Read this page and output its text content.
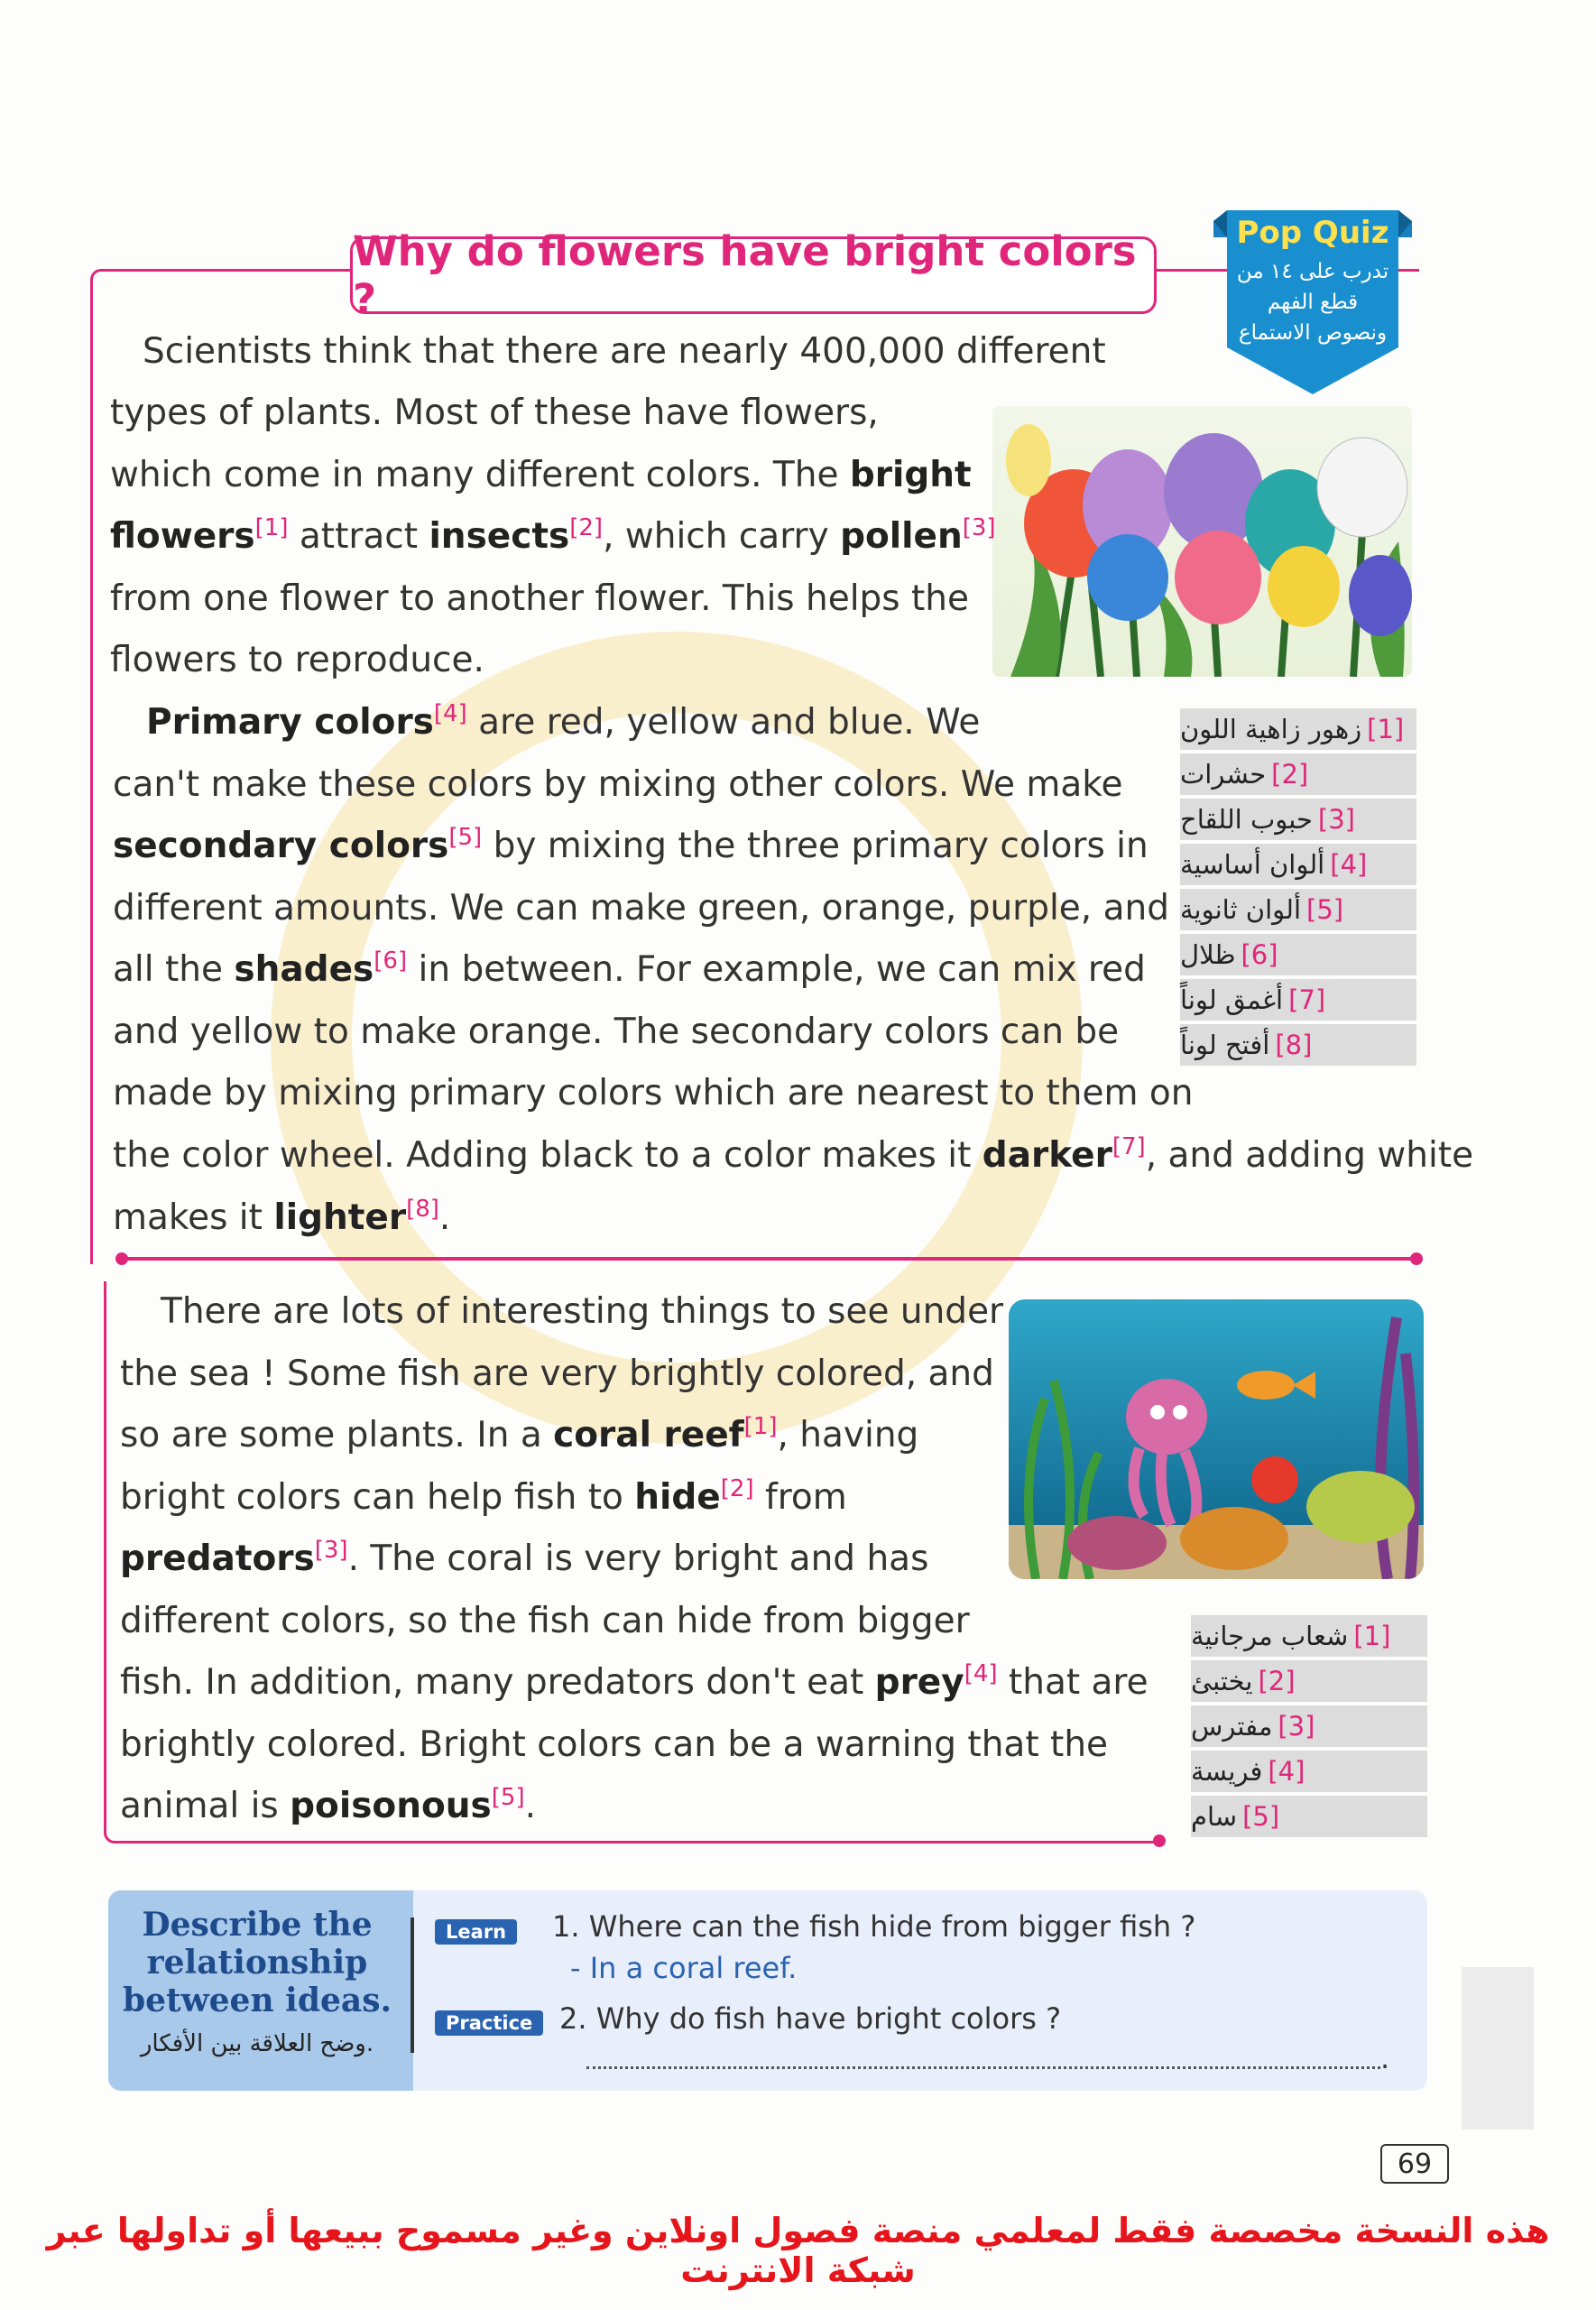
Why do flowers have bright colors ?
Pop Quiz
تدرب على ١٤ من
قطع الفهم
ونصوص الاستماع
Scientists think that there are nearly 400,000 different
types of plants. Most of these have flowers,
which come in many different colors. The bright
flowers[1] attract insects[2], which carry pollen[3]
from one flower to another flower. This helps the
flowers to reproduce.
Primary colors[4] are red, yellow and blue. We
can't make these colors by mixing other colors. We make
secondary colors[5] by mixing the three primary colors in
different amounts. We can make green, orange, purple, and
all the shades[6] in between. For example, we can mix red
and yellow to make orange. The secondary colors can be
made by mixing primary colors which are nearest to them on
the color wheel. Adding black to a color makes it darker[7], and adding white
makes it lighter[8].
[1]
زهور زاهية اللون
[2]
حشرات
[3]
حبوب اللقاح
[4]
ألوان أساسية
[5]
ألوان ثانوية
[6]
ظلال
[7]
أغمق لوناً
[8]
أفتح لوناً
There are lots of interesting things to see under
the sea ! Some fish are very brightly colored, and
so are some plants. In a coral reef[1], having
bright colors can help fish to hide[2] from
predators[3]. The coral is very bright and has
different colors, so the fish can hide from bigger
fish. In addition, many predators don't eat prey[4] that are
brightly colored. Bright colors can be a warning that the
animal is poisonous[5].
[1]
شعاب مرجانية
[2]
يختبئ
[3]
مفترس
[4]
فريسة
[5]
سام
Describe the
relationship
between ideas.
وضح العلاقة بين الأفكار.
Learn	1. Where can the fish hide from bigger fish ?
- In a coral reef.
Practice 2. Why do fish have bright colors ?
.
69
هذه النسخة مخصصة فقط لمعلمي منصة فصول اونلاين وغير مسموح ببيعها أو تداولها عبر شبكة الانترنت
